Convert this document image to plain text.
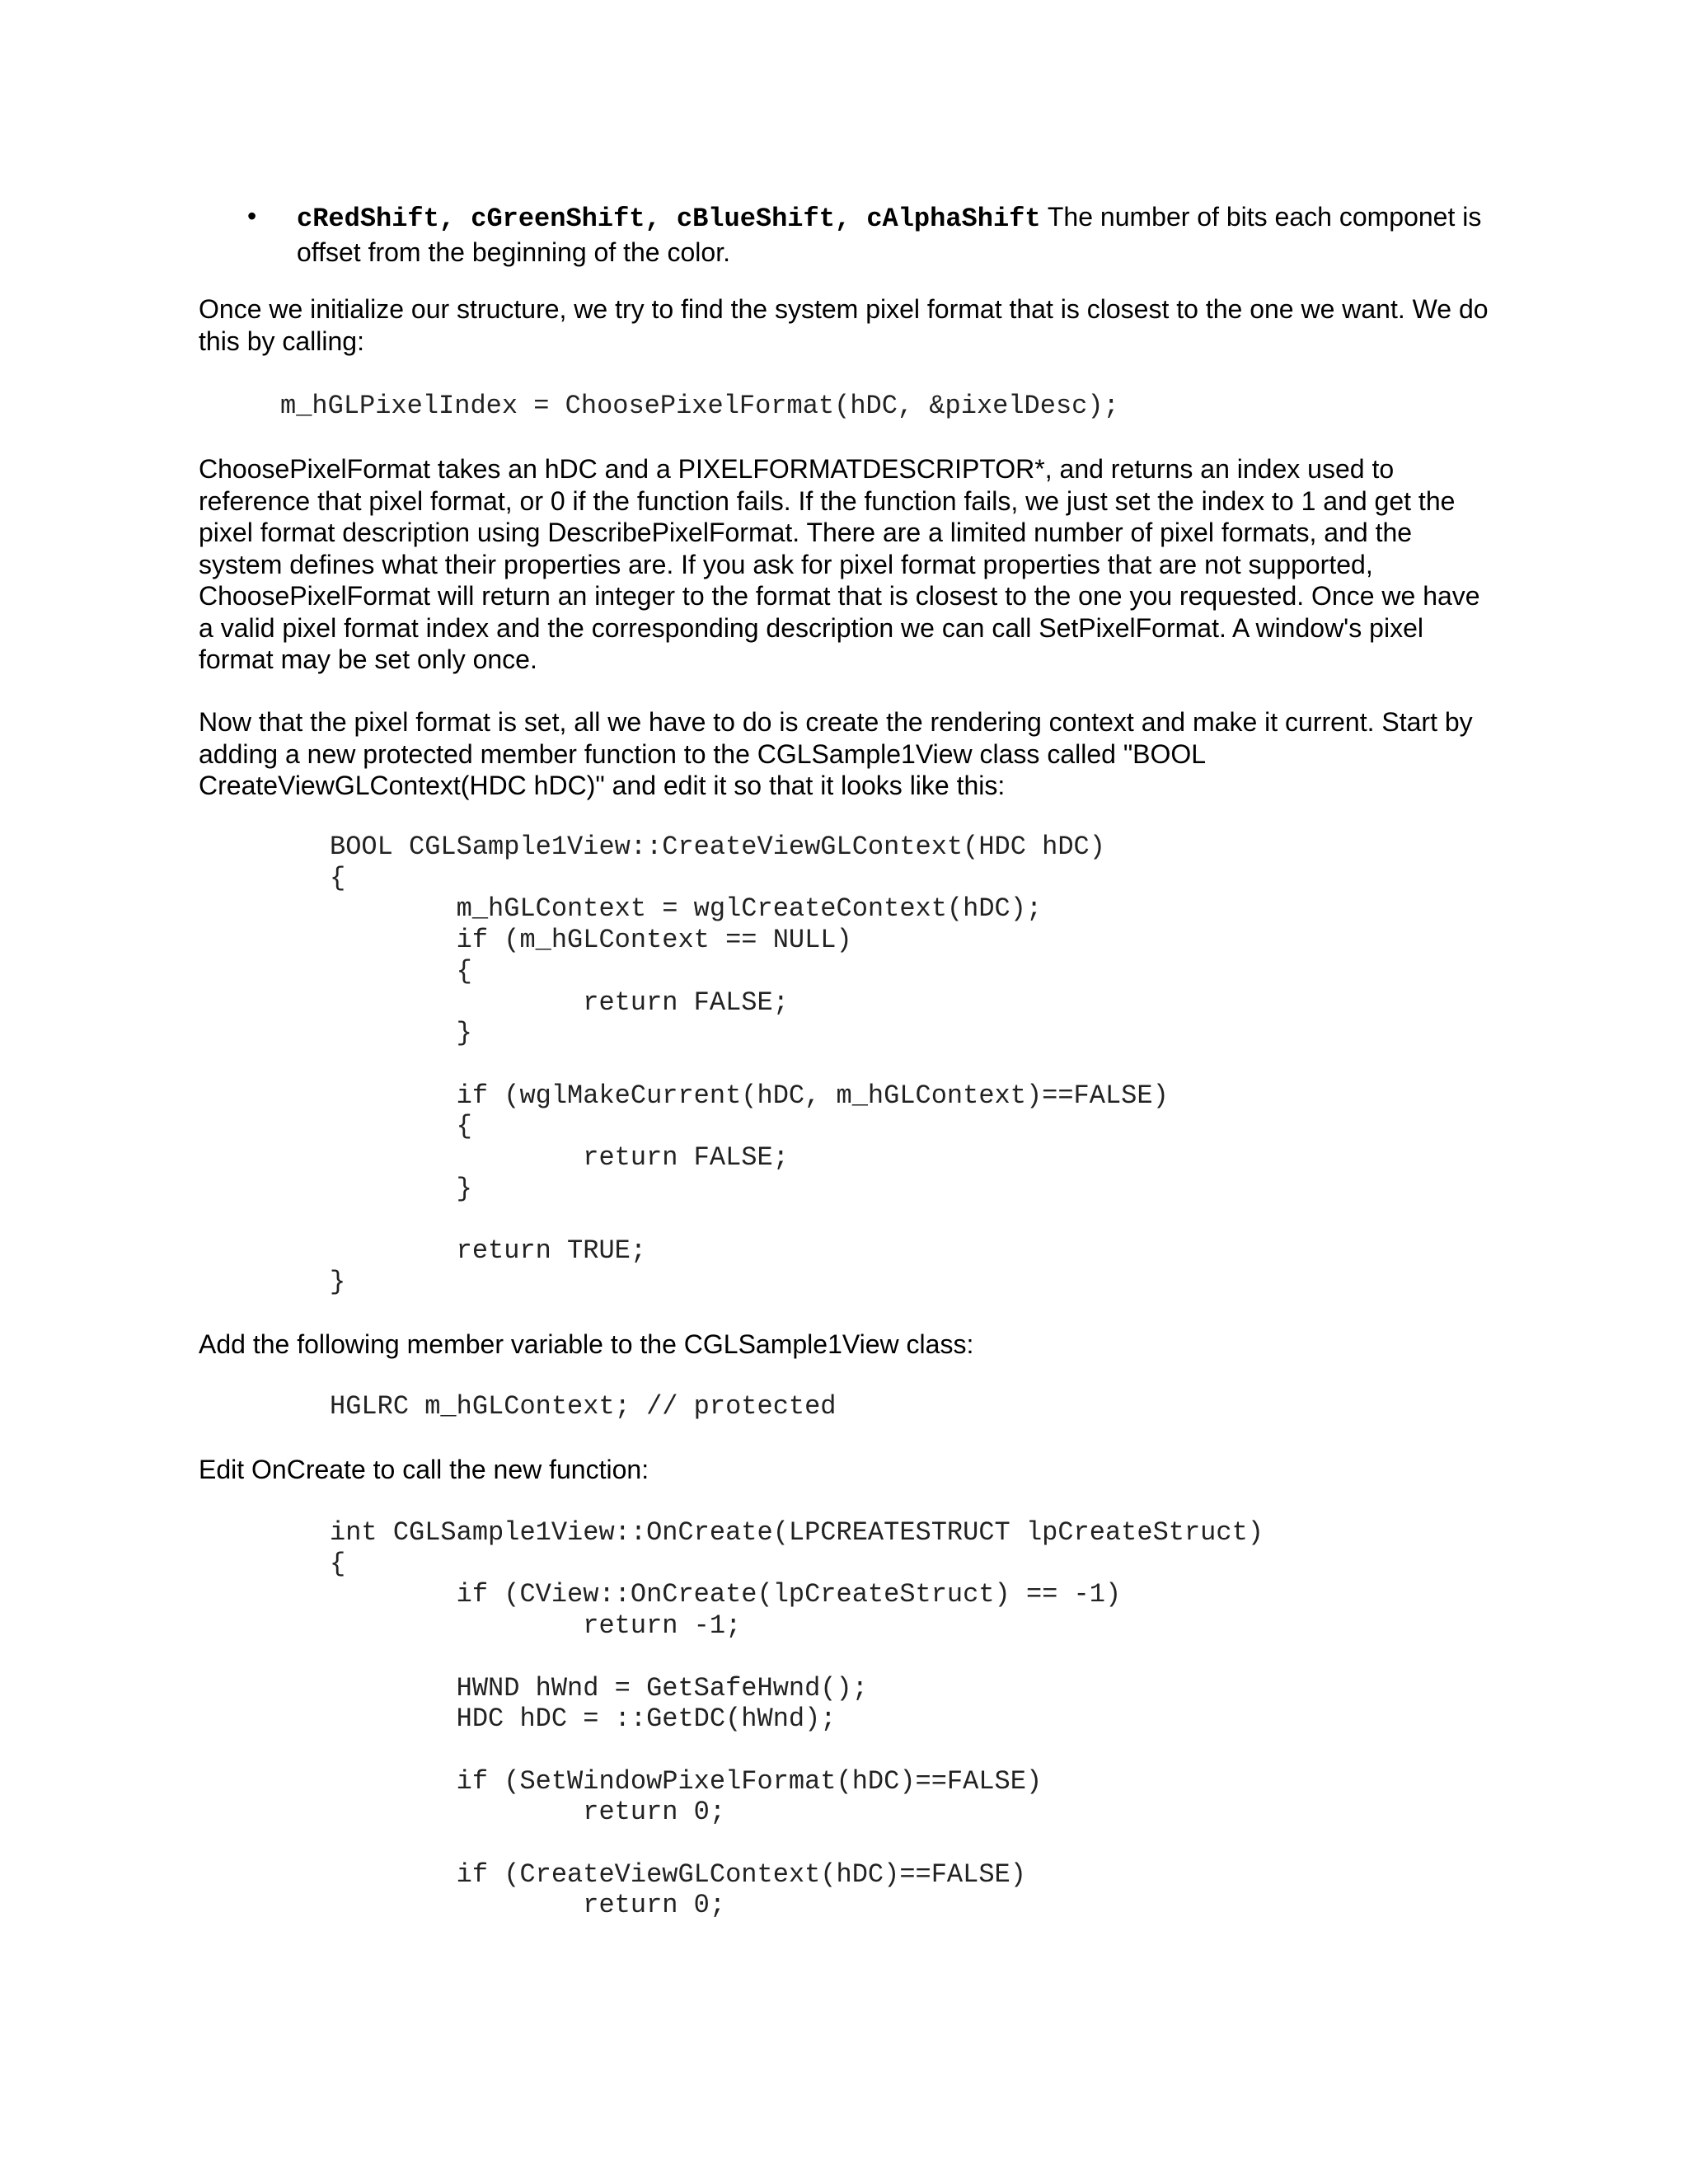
• cRedShift, cGreenShift, cBlueShift, cAlphaShift The number of bits each componet is offset from the beginning of the color.

Once we initialize our structure, we try to find the system pixel format that is closest to the one we want. We do this by calling:

m_hGLPixelIndex = ChoosePixelFormat(hDC, &pixelDesc);

ChoosePixelFormat takes an hDC and a PIXELFORMATDESCRIPTOR*, and returns an index used to reference that pixel format, or 0 if the function fails. If the function fails, we just set the index to 1 and get the pixel format description using DescribePixelFormat. There are a limited number of pixel formats, and the system defines what their properties are. If you ask for pixel format properties that are not supported, ChoosePixelFormat will return an integer to the format that is closest to the one you requested. Once we have a valid pixel format index and the corresponding description we can call SetPixelFormat. A window's pixel format may be set only once.

Now that the pixel format is set, all we have to do is create the rendering context and make it current. Start by adding a new protected member function to the CGLSample1View class called "BOOL CreateViewGLContext(HDC hDC)" and edit it so that it looks like this:

BOOL CGLSample1View::CreateViewGLContext(HDC hDC)
{
m_hGLContext = wglCreateContext(hDC);
if (m_hGLContext == NULL)
{
return FALSE;
}

if (wglMakeCurrent(hDC, m_hGLContext)==FALSE)
{
return FALSE;
}

return TRUE;
}

Add the following member variable to the CGLSample1View class:

HGLRC m_hGLContext; // protected

Edit OnCreate to call the new function:

int CGLSample1View::OnCreate(LPCREATESTRUCT lpCreateStruct)
{
if (CView::OnCreate(lpCreateStruct) == -1)
return -1;

HWND hWnd = GetSafeHwnd();
HDC hDC = ::GetDC(hWnd);

if (SetWindowPixelFormat(hDC)==FALSE)
return 0;

if (CreateViewGLContext(hDC)==FALSE)
return 0;
